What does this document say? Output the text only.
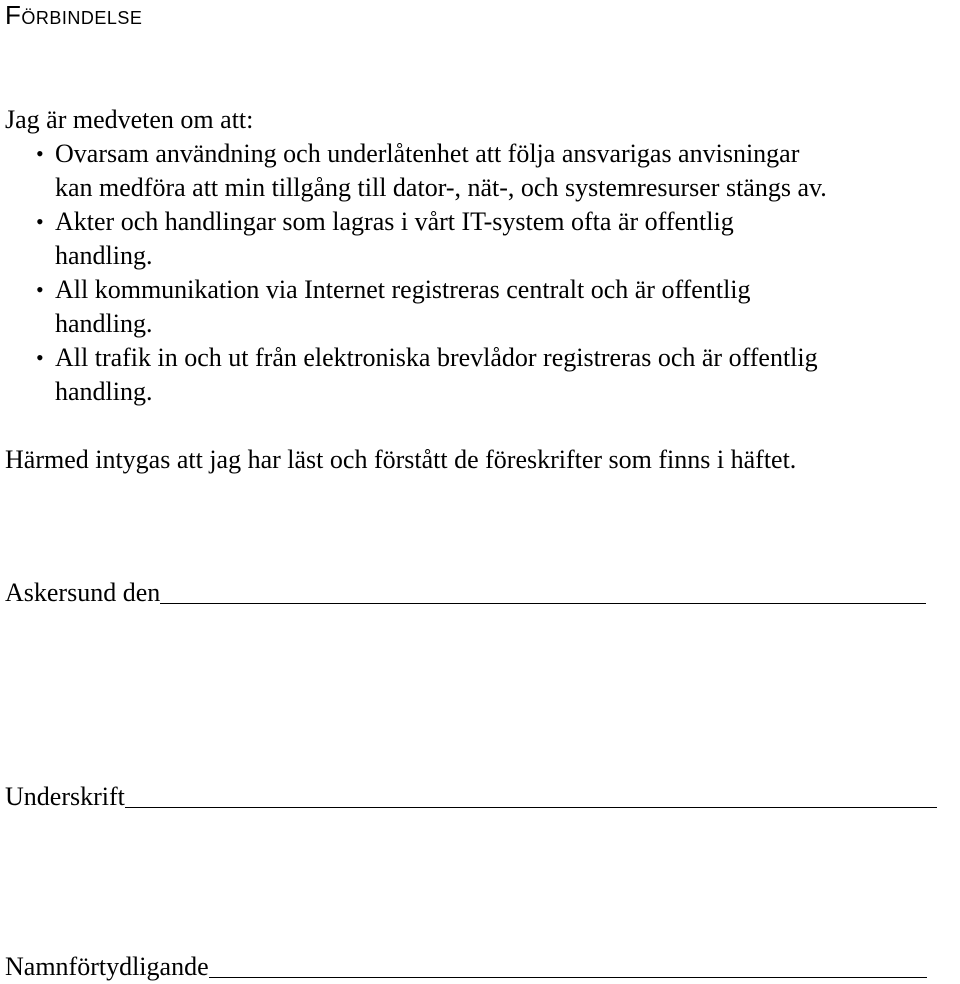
Förbindelse
Jag är medveten om att:
• Ovarsam användning och underlåtenhet att följa ansvarigas anvisningar
kan medföra att min tillgång till dator-, nät-, och systemresurser stängs av.
• Akter och handlingar som lagras i vårt IT-system ofta är offentlig
handling.
• All kommunikation via Internet registreras centralt och är offentlig
handling.
• All trafik in och ut från elektroniska brevlådor registreras och är offentlig
handling.
Härmed intygas att jag har läst och förstått de föreskrifter som finns i häftet.
Askersund den
Underskrift
Namnförtydligande
